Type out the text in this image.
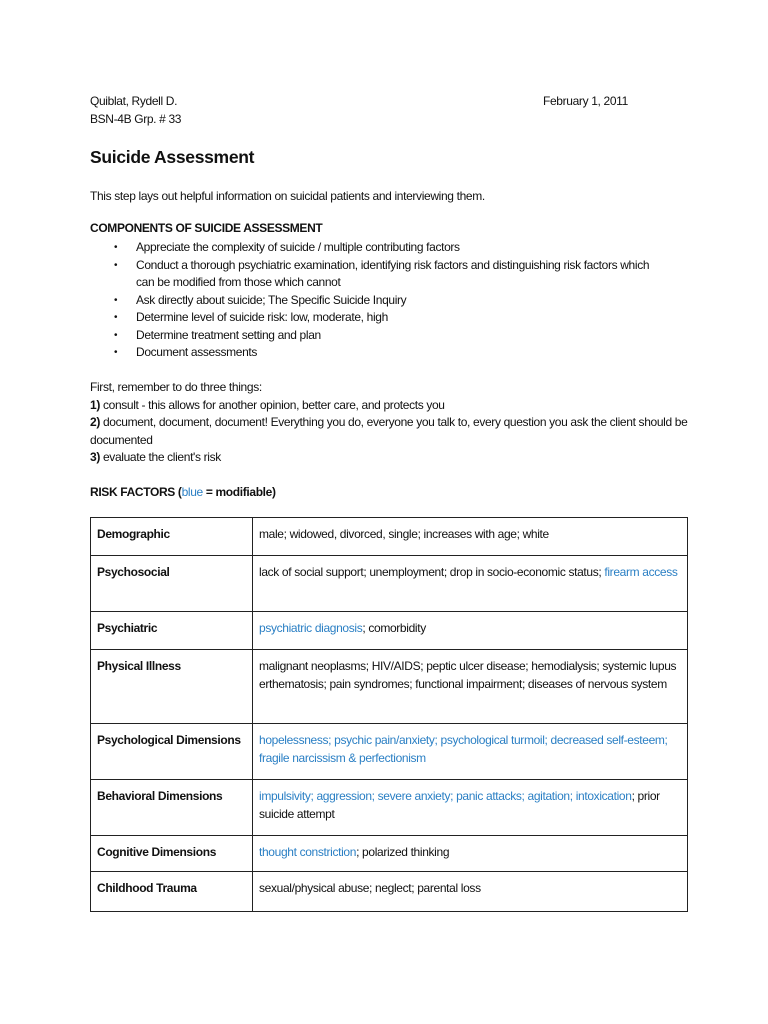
Quiblat, Rydell D.
BSN-4B Grp. # 33
February 1, 2011
Suicide Assessment
This step lays out helpful information on suicidal patients and interviewing them.
COMPONENTS OF SUICIDE ASSESSMENT
• Appreciate the complexity of suicide / multiple contributing factors
• Conduct a thorough psychiatric examination, identifying risk factors and distinguishing risk factors which can be modified from those which cannot
• Ask directly about suicide; The Specific Suicide Inquiry
• Determine level of suicide risk: low, moderate, high
• Determine treatment setting and plan
• Document assessments
First, remember to do three things:
1) consult - this allows for another opinion, better care, and protects you
2) document, document, document! Everything you do, everyone you talk to, every question you ask the client should be documented
3) evaluate the client's risk
RISK FACTORS (blue = modifiable)
Demographic	male; widowed, divorced, single; increases with age; white
Psychosocial	lack of social support; unemployment; drop in socio-economic status; firearm access
Psychiatric	psychiatric diagnosis; comorbidity
Physical Illness	malignant neoplasms; HIV/AIDS; peptic ulcer disease; hemodialysis; systemic lupus erthematosis; pain syndromes; functional impairment; diseases of nervous system
Psychological Dimensions	hopelessness; psychic pain/anxiety; psychological turmoil; decreased self-esteem; fragile narcissism & perfectionism
Behavioral Dimensions	impulsivity; aggression; severe anxiety; panic attacks; agitation; intoxication; prior suicide attempt
Cognitive Dimensions	thought constriction; polarized thinking
Childhood Trauma	sexual/physical abuse; neglect; parental loss
